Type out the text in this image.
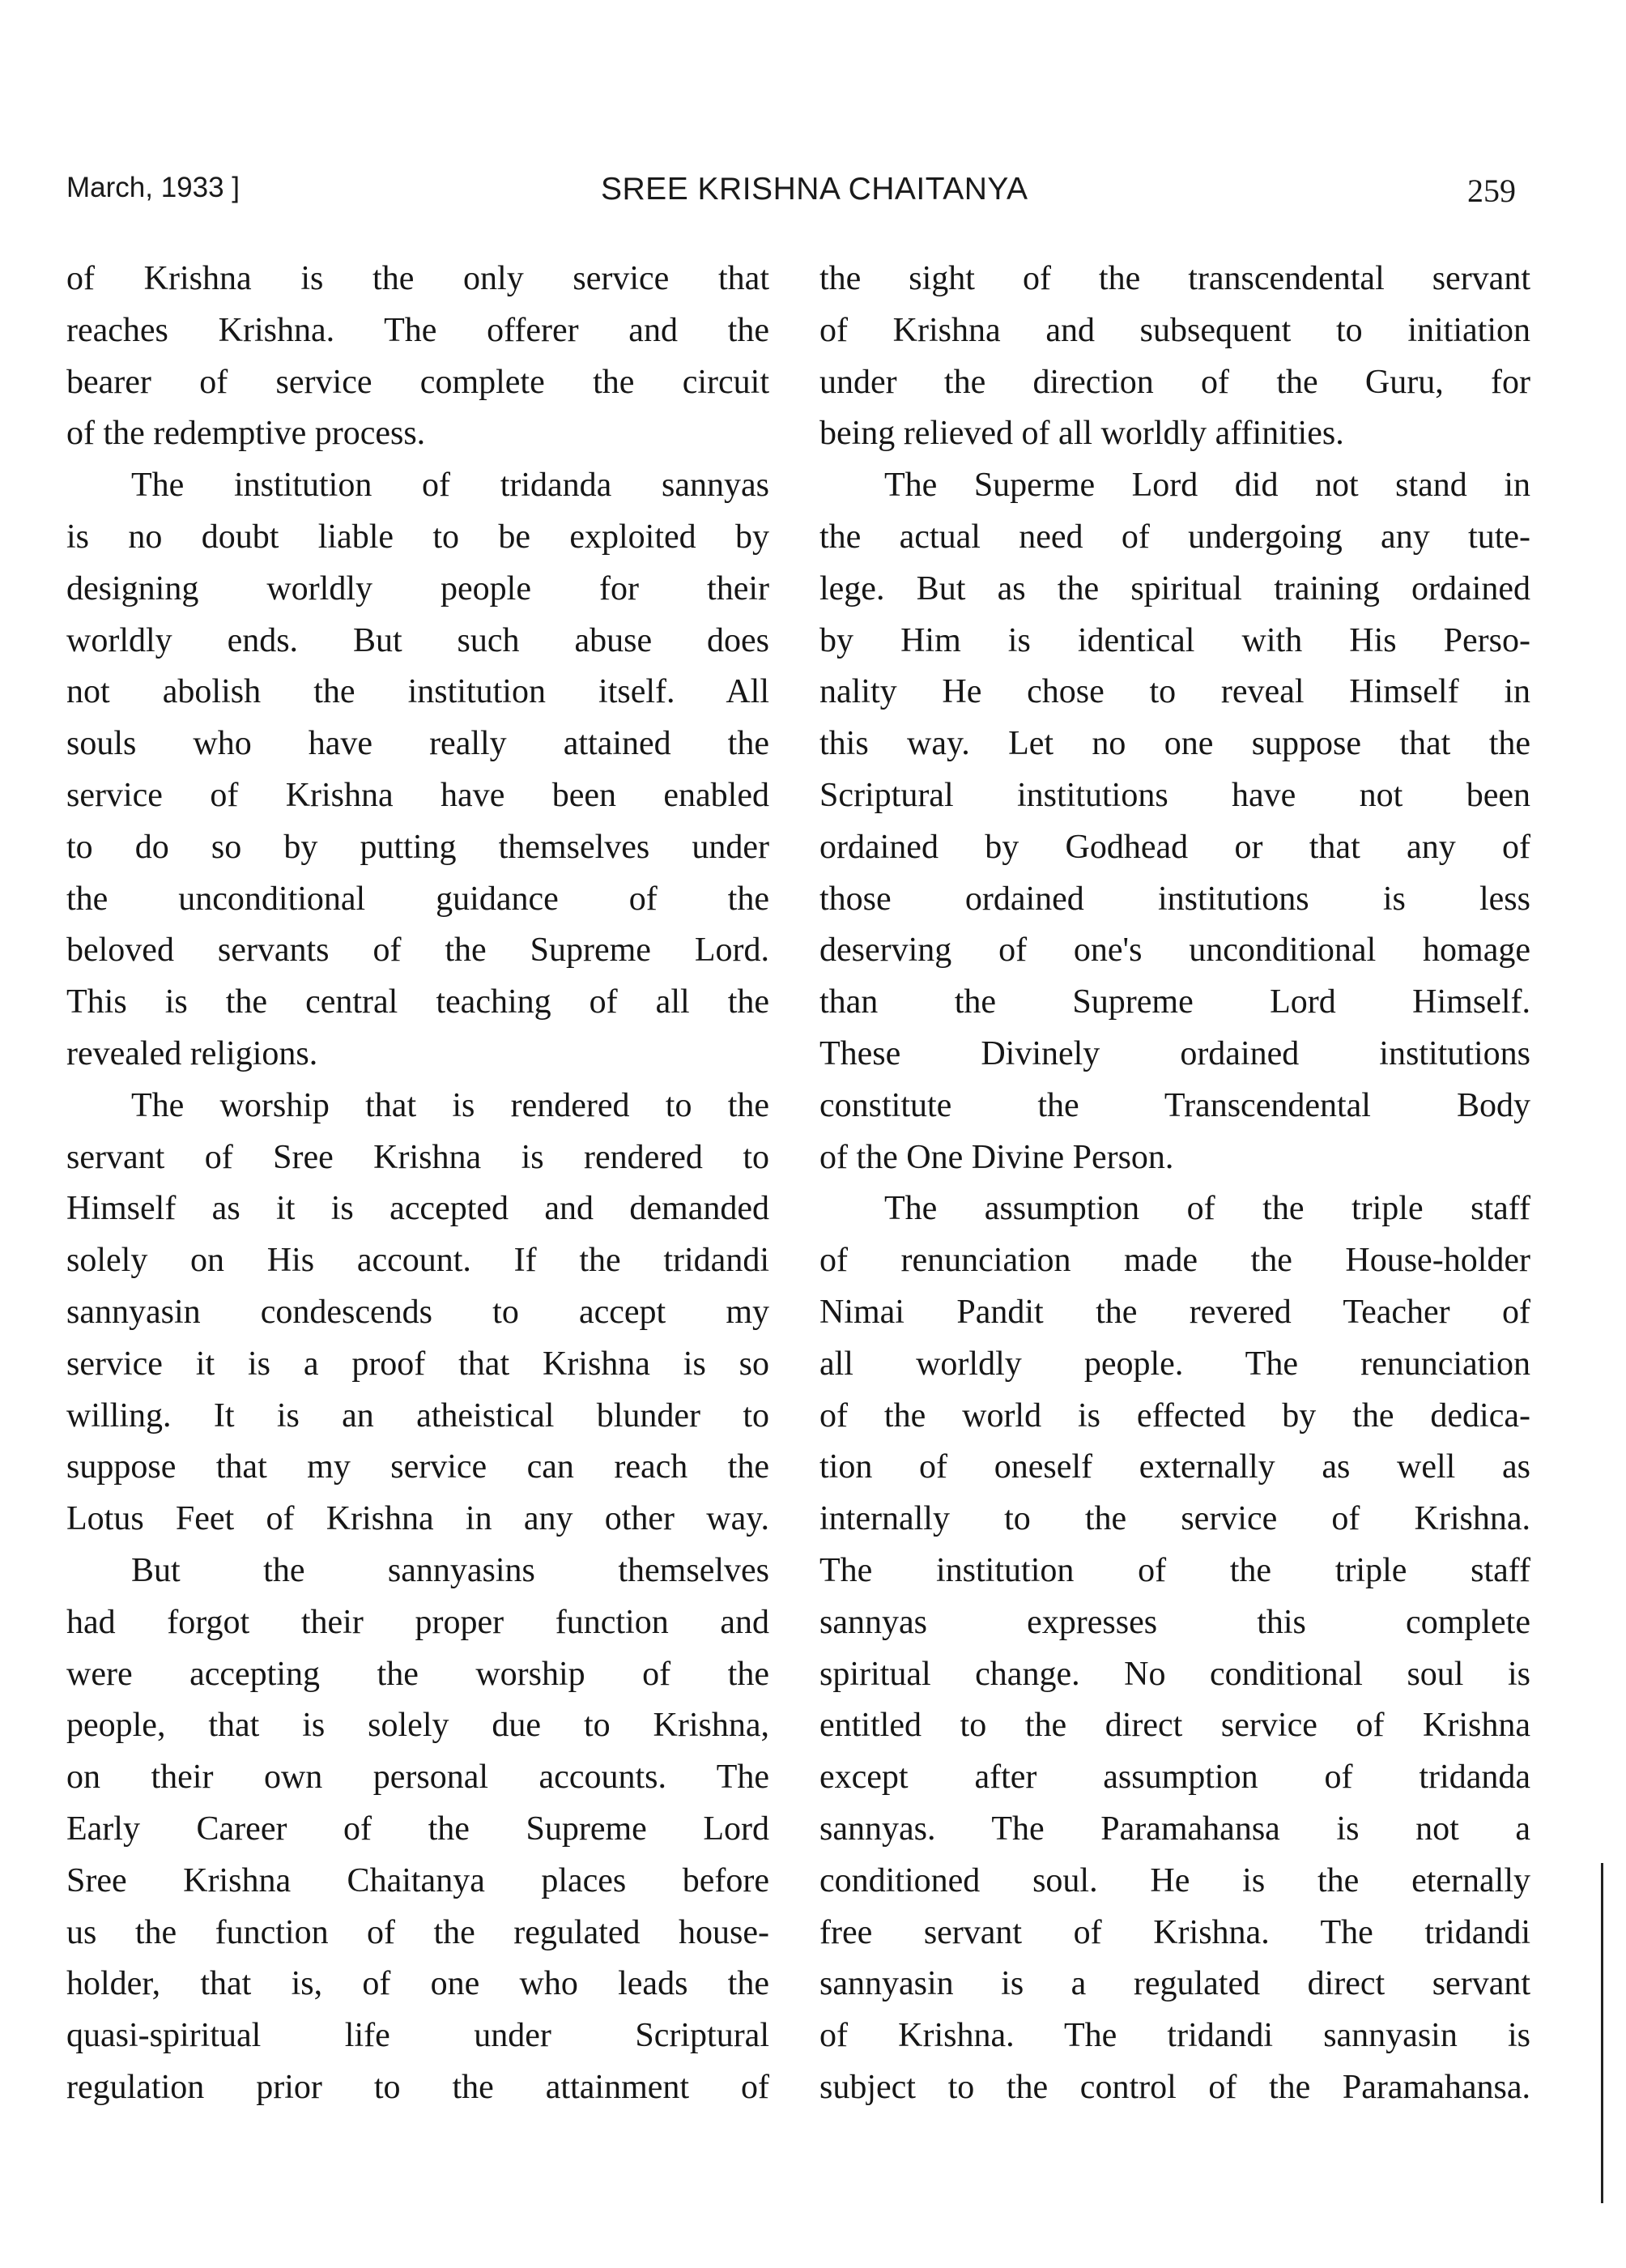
March, 1933 ]	SREE KRISHNA CHAITANYA	259
of Krishna is the only service that
reaches Krishna. The offerer and the
bearer of service complete the circuit
of the redemptive process.
The institution of tridanda sannyas
is no doubt liable to be exploited by
designing worldly people for their
worldly ends. But such abuse does
not abolish the institution itself. All
souls who have really attained the
service of Krishna have been enabled
to do so by putting themselves under
the unconditional guidance of the
beloved servants of the Supreme Lord.
This is the central teaching of all the
revealed religions.
The worship that is rendered to the
servant of Sree Krishna is rendered to
Himself as it is accepted and demanded
solely on His account. If the tridandi
sannyasin condescends to accept my
service it is a proof that Krishna is so
willing. It is an atheistical blunder to
suppose that my service can reach the
Lotus Feet of Krishna in any other way.
But the sannyasins themselves
had forgot their proper function and
were accepting the worship of the
people, that is solely due to Krishna,
on their own personal accounts. The
Early Career of the Supreme Lord
Sree Krishna Chaitanya places before
us the function of the regulated house-
holder, that is, of one who leads the
quasi-spiritual life under Scriptural
regulation prior to the attainment of
the sight of the transcendental servant
of Krishna and subsequent to initiation
under the direction of the Guru, for
being relieved of all worldly affinities.
The Superme Lord did not stand in
the actual need of undergoing any tute-
lege. But as the spiritual training ordained
by Him is identical with His Perso-
nality He chose to reveal Himself in
this way. Let no one suppose that the
Scriptural institutions have not been
ordained by Godhead or that any of
those ordained institutions is less
deserving of one's unconditional homage
than the Supreme Lord Himself.
These Divinely ordained institutions
constitute the Transcendental Body
of the One Divine Person.
The assumption of the triple staff
of renunciation made the House-holder
Nimai Pandit the revered Teacher of
all worldly people. The renunciation
of the world is effected by the dedica-
tion of oneself externally as well as
internally to the service of Krishna.
The institution of the triple staff
sannyas expresses this complete
spiritual change. No conditional soul is
entitled to the direct service of Krishna
except after assumption of tridanda
sannyas. The Paramahansa is not a
conditioned soul. He is the eternally
free servant of Krishna. The tridandi
sannyasin is a regulated direct servant
of Krishna. The tridandi sannyasin is
subject to the control of the Paramahansa.
